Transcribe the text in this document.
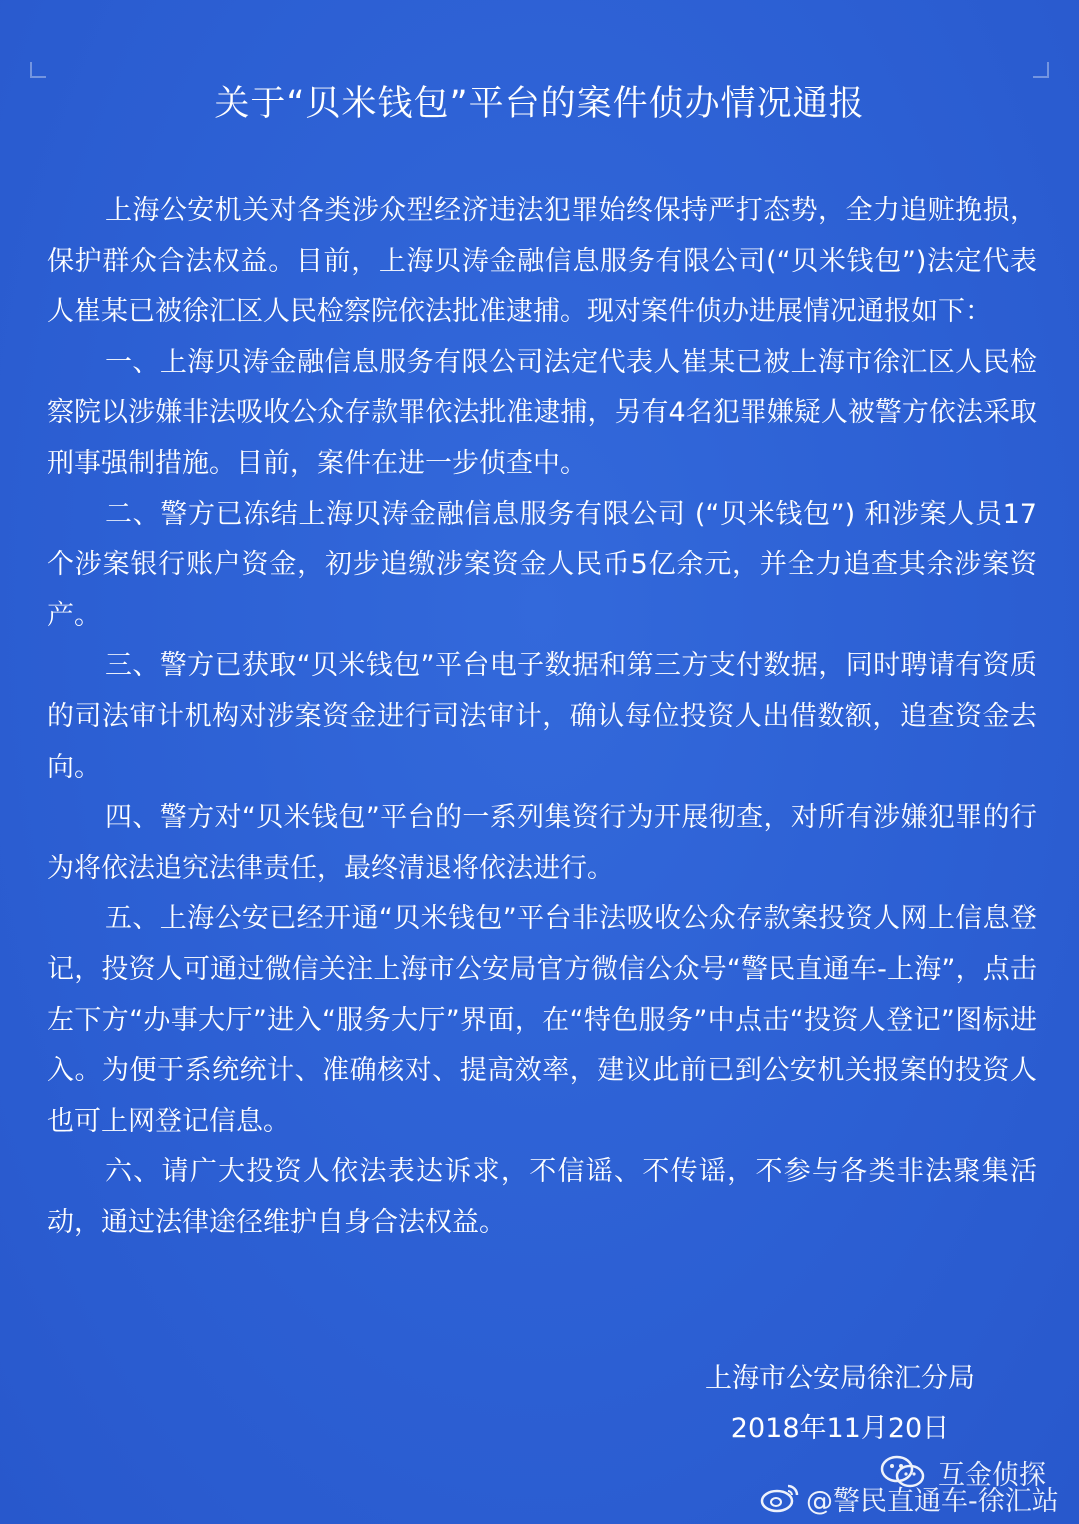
关于“贝米钱包”平台的案件侦办情况通报

上海公安机关对各类涉众型经济违法犯罪始终保持严打态势，全力追赃挽损，保护群众合法权益。目前，上海贝涛金融信息服务有限公司(“贝米钱包”)法定代表人崔某已被徐汇区人民检察院依法批准逮捕。现对案件侦办进展情况通报如下：

一、上海贝涛金融信息服务有限公司法定代表人崔某已被上海市徐汇区人民检察院以涉嫌非法吸收公众存款罪依法批准逮捕，另有4名犯罪嫌疑人被警方依法采取刑事强制措施。目前，案件在进一步侦查中。

二、警方已冻结上海贝涛金融信息服务有限公司 (“贝米钱包”) 和涉案人员17个涉案银行账户资金，初步追缴涉案资金人民币5亿余元，并全力追查其余涉案资产。

三、警方已获取“贝米钱包”平台电子数据和第三方支付数据，同时聘请有资质的司法审计机构对涉案资金进行司法审计，确认每位投资人出借数额，追查资金去向。

四、警方对“贝米钱包”平台的一系列集资行为开展彻查，对所有涉嫌犯罪的行为将依法追究法律责任，最终清退将依法进行。

五、上海公安已经开通“贝米钱包”平台非法吸收公众存款案投资人网上信息登记，投资人可通过微信关注上海市公安局官方微信公众号“警民直通车-上海”，点击左下方“办事大厅”进入“服务大厅”界面，在“特色服务”中点击“投资人登记”图标进入。为便于系统统计、准确核对、提高效率，建议此前已到公安机关报案的投资人也可上网登记信息。

六、请广大投资人依法表达诉求，不信谣、不传谣，不参与各类非法聚集活动，通过法律途径维护自身合法权益。

上海市公安局徐汇分局
2018年11月20日
互金侦探
@警民直通车-徐汇站
